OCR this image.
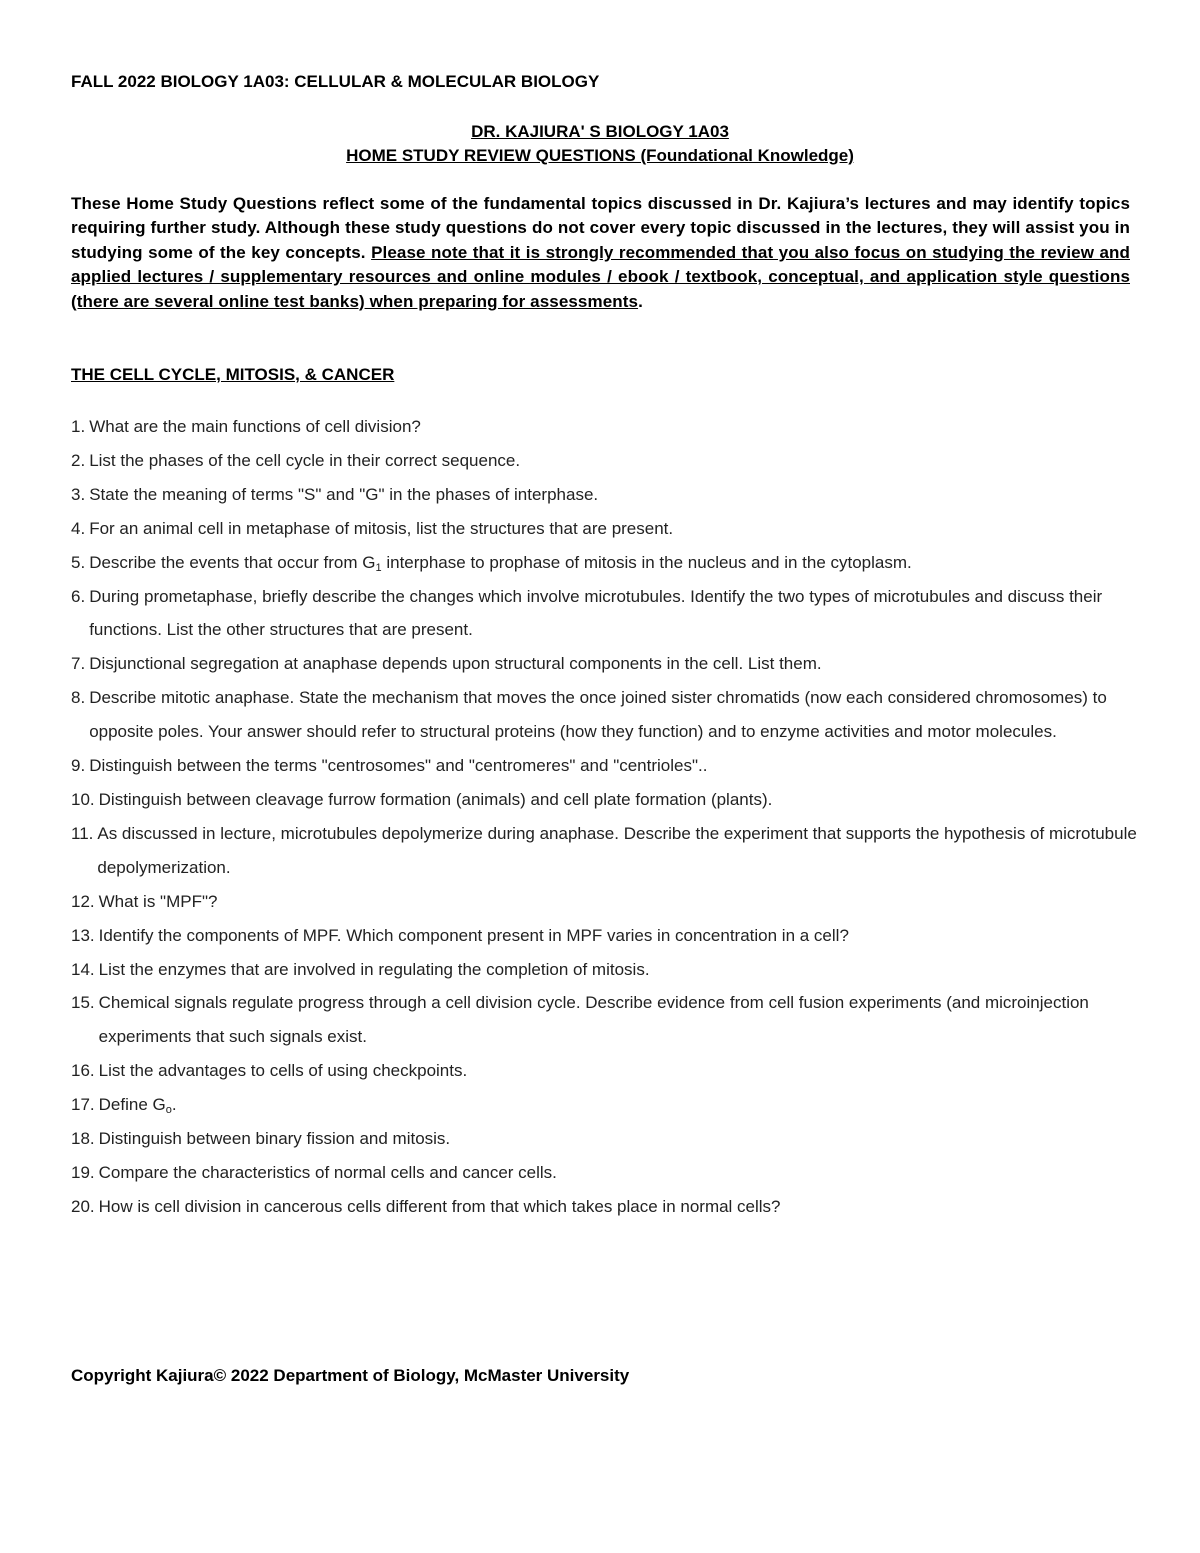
FALL 2022 BIOLOGY 1A03: CELLULAR & MOLECULAR BIOLOGY

DR. KAJIURA' S BIOLOGY 1A03

HOME STUDY REVIEW QUESTIONS (Foundational Knowledge)

These Home Study Questions reflect some of the fundamental topics discussed in Dr. Kajiura’s lectures and may identify topics requiring further study. Although these study questions do not cover every topic discussed in the lectures, they will assist you in studying some of the key concepts. Please note that it is strongly recommended that you also focus on studying the review and applied lectures / supplementary resources and online modules / ebook / textbook, conceptual, and application style questions (there are several online test banks) when preparing for assessments.

THE CELL CYCLE, MITOSIS, & CANCER

1. What are the main functions of cell division?
2. List the phases of the cell cycle in their correct sequence.
3. State the meaning of terms "S" and "G" in the phases of interphase.
4. For an animal cell in metaphase of mitosis, list the structures that are present.
5. Describe the events that occur from $G_1$ interphase to prophase of mitosis in the nucleus and in the cytoplasm.
6. During prometaphase, briefly describe the changes which involve microtubules. Identify the two types of microtubules and discuss their functions. List the other structures that are present.
7. Disjunctional segregation at anaphase depends upon structural components in the cell. List them.
8. Describe mitotic anaphase. State the mechanism that moves the once joined sister chromatids (now each considered chromosomes) to opposite poles. Your answer should refer to structural proteins (how they function) and to enzyme activities and motor molecules.
9. Distinguish between the terms "centrosomes" and "centromeres" and "centrioles"..
10. Distinguish between cleavage furrow formation (animals) and cell plate formation (plants).
11. As discussed in lecture, microtubules depolymerize during anaphase. Describe the experiment that supports the hypothesis of microtubule depolymerization.
12. What is "MPF"?
13. Identify the components of MPF. Which component present in MPF varies in concentration in a cell?
14. List the enzymes that are involved in regulating the completion of mitosis.
15. Chemical signals regulate progress through a cell division cycle. Describe evidence from cell fusion experiments (and microinjection experiments that such signals exist.
16. List the advantages to cells of using checkpoints.
17. Define $G_o$.
18. Distinguish between binary fission and mitosis.
19. Compare the characteristics of normal cells and cancer cells.
20. How is cell division in cancerous cells different from that which takes place in normal cells?

Copyright Kajiura© 2022 Department of Biology, McMaster University
